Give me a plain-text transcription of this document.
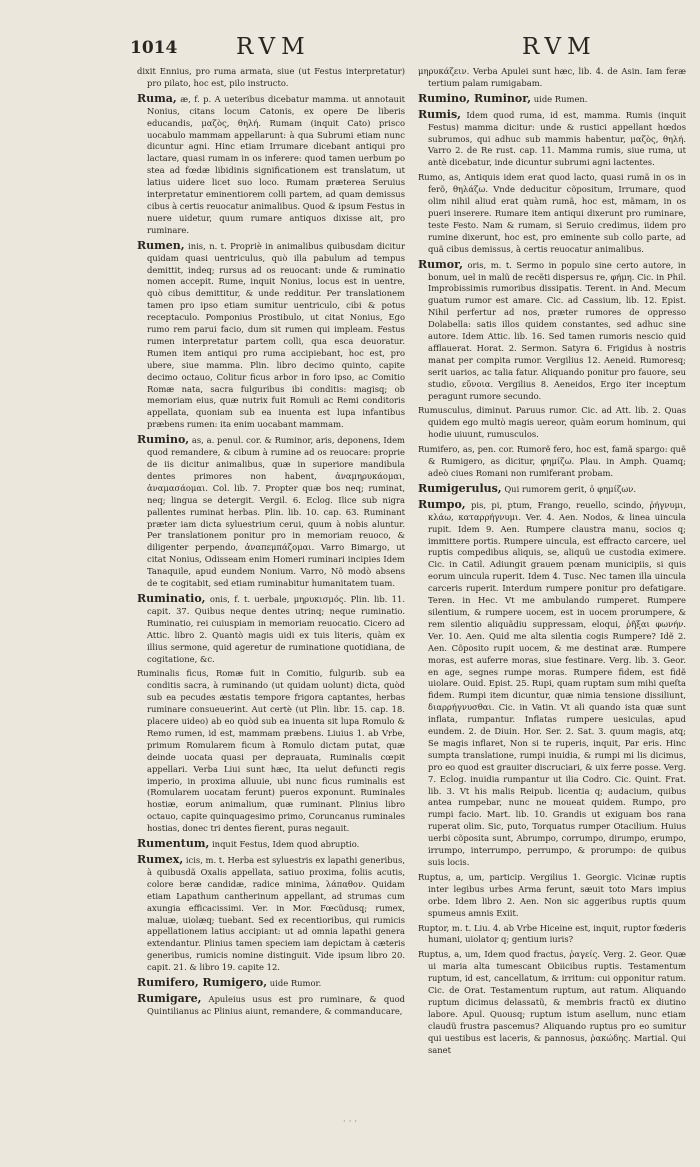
1014	RVM	RVM

dixit Ennius, pro ruma armata, siue (ut Festus interpretatur) pro pilato, hoc est, pilo instructo.

Ruma, æ, f. p. A ueteribus dicebatur mamma. ut annotauit Nonius, citans locum Catonis, ex opere De liberis educandis, μαζὸς, θηλή. Rumam (inquit Cato) prisco uocabulo mammam appellarunt: à qua Subrumi etiam nunc dicuntur agni. Hinc etiam Irrumare dicebant antiqui pro lactare, quasi rumam in os inferere: quod tamen uerbum po stea ad fœdæ libidinis significationem est translatum, ut latius uidere licet suo loco. Rumam præterea Seruius interpretatur eminentiorem colli partem, ad quam demissus cibus à certis reuocatur animalibus. Quod & ipsum Festus in nuere uidetur, quum rumare antiquos dixisse ait, pro ruminare.

Rumen, inis, n. t. Propriè in animalibus quibusdam dicitur quidam quasi uentriculus, quò illa pabulum ad tempus demittit, indeq; rursus ad os reuocant: unde & ruminatio nomen accepit. Rume, inquit Nonius, locus est in uentre, quò cibus demittitur, & unde redditur. Per translationem tamen pro ipso etiam sumitur uentriculo, cibi & potus receptaculo. Pomponius Prostibulo, ut citat Nonius, Ego rumo rem parui facio, dum sit rumen qui impleam. Festus rumen interpretatur partem colli, qua esca deuoratur. Rumen item antiqui pro ruma accipiebant, hoc est, pro ubere, siue mamma. Plin. libro decimo quinto, capite decimo octauo, Colitur ficus arbor in foro ipso, ac Comitio Romæ nata, sacra fulguribus ibi conditis: magisq; ob memoriam eius, quæ nutrix fuit Romuli ac Remi conditoris appellata, quoniam sub ea inuenta est lupa infantibus præbens rumen: ita enim uocabant mammam.

Rumino, as, a. penul. cor. & Ruminor, aris, deponens, Idem quod remandere, & cibum à rumine ad os reuocare: proprie de iis dicitur animalibus, quæ in superiore mandibula dentes primores non habent, ἀναμηρυκάομαι, ἀναμασάομαι. Col. lib. 7. Propter quæ bos neq; ruminat, neq; lingua se detergit. Vergil. 6. Eclog. Ilice sub nigra pallentes ruminat herbas. Plin. lib. 10. cap. 63. Ruminant præter iam dicta syluestrium cerui, quum à nobis aluntur. Per translationem ponitur pro in memoriam reuoco, & diligenter perpendo, ἀναπεμπάζομαι. Varro Bimargo, ut citat Nonius, Odisseam enim Homeri ruminari incipies Idem Tanaquile, apud eundem Nonium. Varro, Nõ modò absens de te cogitabit, sed etiam ruminabitur humanitatem tuam.

Ruminatio, onis, f. t. uerbale, μηρυκισμός. Plin. lib. 11. capit. 37. Quibus neque dentes utrinq; neque ruminatio. Ruminatio, rei cuiuspiam in memoriam reuocatio. Cicero ad Attic. libro 2. Quantò magis uidi ex tuis literis, quàm ex illius sermone, quid ageretur de ruminatione quotidiana, de cogitatione, &c.

Ruminalis ficus, Romæ fuit in Comitio, fulgurib. sub ea conditis sacra, à ruminando (ut quidam uolunt) dicta, quòd sub ea pecudes æstatis tempore frigora captantes, herbas ruminare consueuerint. Aut certè (ut Plin. libr. 15. cap. 18. placere uideo) ab eo quòd sub ea inuenta sit lupa Romulo & Remo rumen, id est, mammam præbens. Liuius 1. ab Vrbe, primum Romularem ficum à Romulo dictam putat, quæ deinde uocata quasi per deprauata, Ruminalis cœpit appellari. Verba Liui sunt hæc, Ita uelut defuncti regis imperio, in proxima alluuie, ubi nunc ficus ruminalis est (Romularem uocatam ferunt) pueros exponunt. Ruminales hostiæ, eorum animalium, quæ ruminant. Plinius libro octauo, capite quinquagesimo primo, Coruncanus ruminales hostias, donec tri dentes fierent, puras negauit.

Rumentum, inquit Festus, Idem quod abruptio.

Rumex, icis, m. t. Herba est syluestris ex lapathi generibus, à quibusdã Oxalis appellata, satiuo proxima, foliis acutis, colore beræ candidæ, radice minima, λάπαθον. Quidam etiam Lapathum cantherinum appellant, ad strumas cum axungia efficacissimi. Ver. in Mor. Fœcũdusq; rumex, maluæ, uiolæq; tuebant. Sed ex recentioribus, qui rumicis appellationem latius accipiant: ut ad omnia lapathi genera extendantur. Plinius tamen speciem iam depictam à cæteris generibus, rumicis nomine distinguit. Vide ipsum libro 20. capit. 21. & libro 19. capite 12.

Rumifero, Rumigero, uide Rumor.

Rumigare, Apuleius usus est pro ruminare, & quod Quintilianus ac Plinius aiunt, remandere, & commanducare,

μηρυκάζειν. Verba Apulei sunt hæc, lib. 4. de Asin. Iam feræ tertium palam rumigabam.

Rumino, Ruminor, uide Rumen.

Rumis, Idem quod ruma, id est, mamma. Rumis (inquit Festus) mamma dicitur: unde & rustici appellant hœdos subrumos, qui adhuc sub mammis habentur, μαζὸς, θηλή. Varro 2. de Re rust. cap. 11. Mamma rumis, siue ruma, ut antè dicebatur, inde dicuntur subrumi agni lactentes.

Rumo, as, Antiquis idem erat quod lacto, quasi rumã in os in ferõ, θηλάζω. Vnde deducitur cõpositum, Irrumare, quod olim nihil aliud erat quàm rumã, hoc est, mãmam, in os pueri inserere. Rumare item antiqui dixerunt pro ruminare, teste Festo. Nam & rumam, si Seruio credimus, iidem pro rumine dixerunt, hoc est, pro eminente sub collo parte, ad quã cibus demissus, à certis reuocatur animalibus.

Rumor, oris, m. t. Sermo in populo sine certo autore, in bonum, uel in malũ de recẽti dispersus re, φήμη. Cic. in Phil. Improbissimis rumoribus dissipatis. Terent. in And. Mecum guatum rumor est amare. Cic. ad Cassium, lib. 12. Epist. Nihil perfertur ad nos, præter rumores de oppresso Dolabella: satis illos quidem constantes, sed adhuc sine autore. Idem Attic. lib. 16. Sed tamen rumoris nescio quid afflauerat. Horat. 2. Sermon. Satyra 6. Frigidus à nostris manat per compita rumor. Vergilius 12. Aeneid. Rumoresq; serit uarios, ac talia fatur. Aliquando ponitur pro fauore, seu studio, εὔνοια. Vergilius 8. Aeneidos, Ergo iter inceptum peragunt rumore secundo.

Rumusculus, diminut. Paruus rumor. Cic. ad Att. lib. 2. Quas quidem ego multò magis uereor, quàm eorum hominum, qui hodie uiuunt, rumusculos.

Rumifero, as, pen. cor. Rumorẽ fero, hoc est, famã spargo: quẽ & Rumigero, as dicitur, φημίζω. Plau. in Amph. Quamq; adeò ciues Romani non rumiferant probam.

Rumigerulus, Qui rumorem gerit, ὁ φημίζων.

Rumpo, pis, pi, ptum, Frango, reuello, scindo, ῥήγνυμι, κλάω, καταρρήγνυμι. Ver. 4. Aen. Nodos, & linea uincula rupit. Idem 9. Aen. Rumpere claustra manu, socios q; immittere portis. Rumpere uincula, est effracto carcere, uel ruptis compedibus aliquis, se, aliquũ ue custodia eximere. Cic. in Catil. Adiungit grauem pœnam municipiis, si quis eorum uincula ruperit. Idem 4. Tusc. Nec tamen illa uincula carceris ruperit. Interdum rumpere ponitur pro defatigare. Teren. in Hec. Vt me ambulando rumperet. Rumpere silentium, & rumpere uocem, est in uocem prorumpere, & rem silentio aliquãdiu suppressam, eloqui, ῥῆξαι φωνήν. Ver. 10. Aen. Quid me alta silentia cogis Rumpere? Idẽ 2. Aen. Cõposito rupit uocem, & me destinat aræ. Rumpere moras, est auferre moras, siue festinare. Verg. lib. 3. Geor. en age, segnes rumpe moras. Rumpere fidem, est fidẽ uiolare. Ouid. Epist. 25. Rupi, quam ruptam sum mihi queſta fidem. Rumpi item dicuntur, quæ nimia tensione dissiliunt, διαρρήγνυσθαι. Cic. in Vatin. Vt ali quando ista quæ sunt inflata, rumpantur. Inflatas rumpere uesiculas, apud eundem. 2. de Diuin. Hor. Ser. 2. Sat. 3. quum magis, atq; Se magis inflaret, Non si te ruperis, inquit, Par eris. Hinc sumpta translatione, rumpi inuidia, & rumpi mi lis dicimus, pro eo quod est grauiter discruciari, & uix ferre posse. Verg. 7. Eclog. inuidia rumpantur ut ilia Codro. Cic. Quint. Frat. lib. 3. Vt his malis Reipub. licentia q; audacium, quibus antea rumpebar, nunc ne moueat quidem. Rumpo, pro rumpi facio. Mart. lib. 10. Grandis ut exiguam bos rana ruperat olim. Sic, puto, Torquatus rumper Otacilium. Huius uerbi cõposita sunt, Abrumpo, corrumpo, dirumpo, erumpo, irrumpo, interrumpo, perrumpo, & prorumpo: de quibus suis locis.

Ruptus, a, um, particip. Vergilius 1. Georgic. Vicinæ ruptis inter legibus urbes Arma ferunt, sæuit toto Mars impius orbe. Idem libro 2. Aen. Non sic aggeribus ruptis quum spumeus amnis Exiit.

Ruptor, m. t. Liu. 4. ab Vrbe Hiceine est, inquit, ruptor fœderis humani, uiolator q; gentium iuris?

Ruptus, a, um, Idem quod fractus, ῥαγείς. Verg. 2. Geor. Quæ ui maria alta tumescant Obiicibus ruptis. Testamentum ruptum, id est, cancellatum, & irritum: cui opponitur ratum. Cic. de Orat. Testamentum ruptum, aut ratum. Aliquando ruptum dicimus delassatũ, & membris fractũ ex diutino labore. Apul. Quousq; ruptum istum asellum, nunc etiam claudũ frustra pascemus? Aliquando ruptus pro eo sumitur qui uestibus est laceris, & pannosus, ῥακώδης. Martial. Qui sanet

· · ·
